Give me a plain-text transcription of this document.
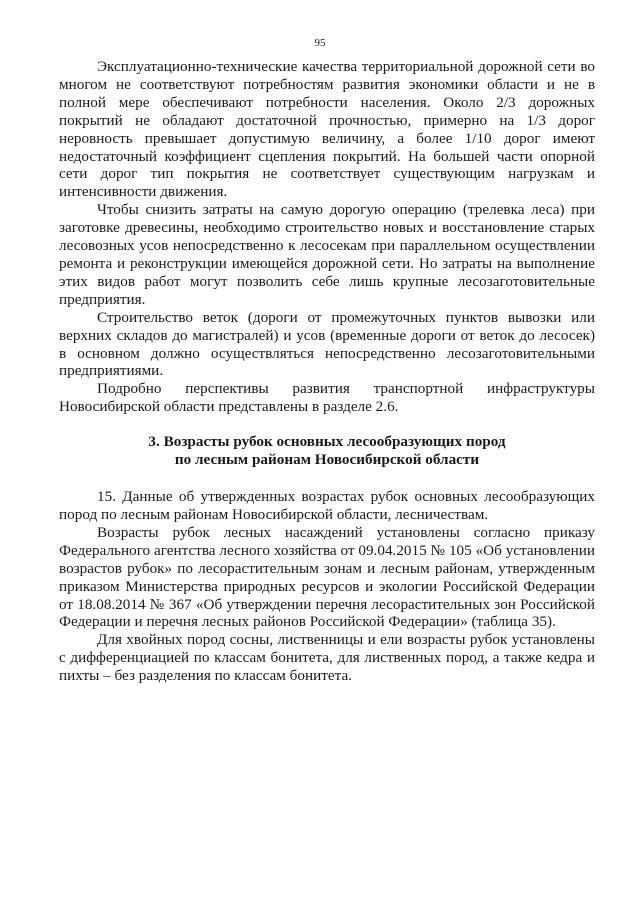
95

Эксплуатационно-технические качества территориальной дорожной сети во многом не соответствуют потребностям развития экономики области и не в полной мере обеспечивают потребности населения. Около 2/3 дорожных покрытий не обладают достаточной прочностью, примерно на 1/3 дорог неровность превышает допустимую величину, а более 1/10 дорог имеют недостаточный коэффициент сцепления покрытий. На большей части опорной сети дорог тип покрытия не соответствует существующим нагрузкам и интенсивности движения.

Чтобы снизить затраты на самую дорогую операцию (трелевка леса) при заготовке древесины, необходимо строительство новых и восстановление старых лесовозных усов непосредственно к лесосекам при параллельном осуществлении ремонта и реконструкции имеющейся дорожной сети. Но затраты на выполнение этих видов работ могут позволить себе лишь крупные лесозаготовительные предприятия.

Строительство веток (дороги от промежуточных пунктов вывозки или верхних складов до магистралей) и усов (временные дороги от веток до лесосек) в основном должно осуществляться непосредственно лесозаготовительными предприятиями.

Подробно перспективы развития транспортной инфраструктуры Новосибирской области представлены в разделе 2.6.

3. Возрасты рубок основных лесообразующих пород
по лесным районам Новосибирской области

15. Данные об утвержденных возрастах рубок основных лесообразующих пород по лесным районам Новосибирской области, лесничествам.

Возрасты рубок лесных насаждений установлены согласно приказу Федерального агентства лесного хозяйства от 09.04.2015 № 105 «Об установлении возрастов рубок» по лесорастительным зонам и лесным районам, утвержденным приказом Министерства природных ресурсов и экологии Российской Федерации от 18.08.2014 № 367 «Об утверждении перечня лесорастительных зон Российской Федерации и перечня лесных районов Российской Федерации» (таблица 35).

Для хвойных пород сосны, лиственницы и ели возрасты рубок установлены с дифференциацией по классам бонитета, для лиственных пород, а также кедра и пихты – без разделения по классам бонитета.
